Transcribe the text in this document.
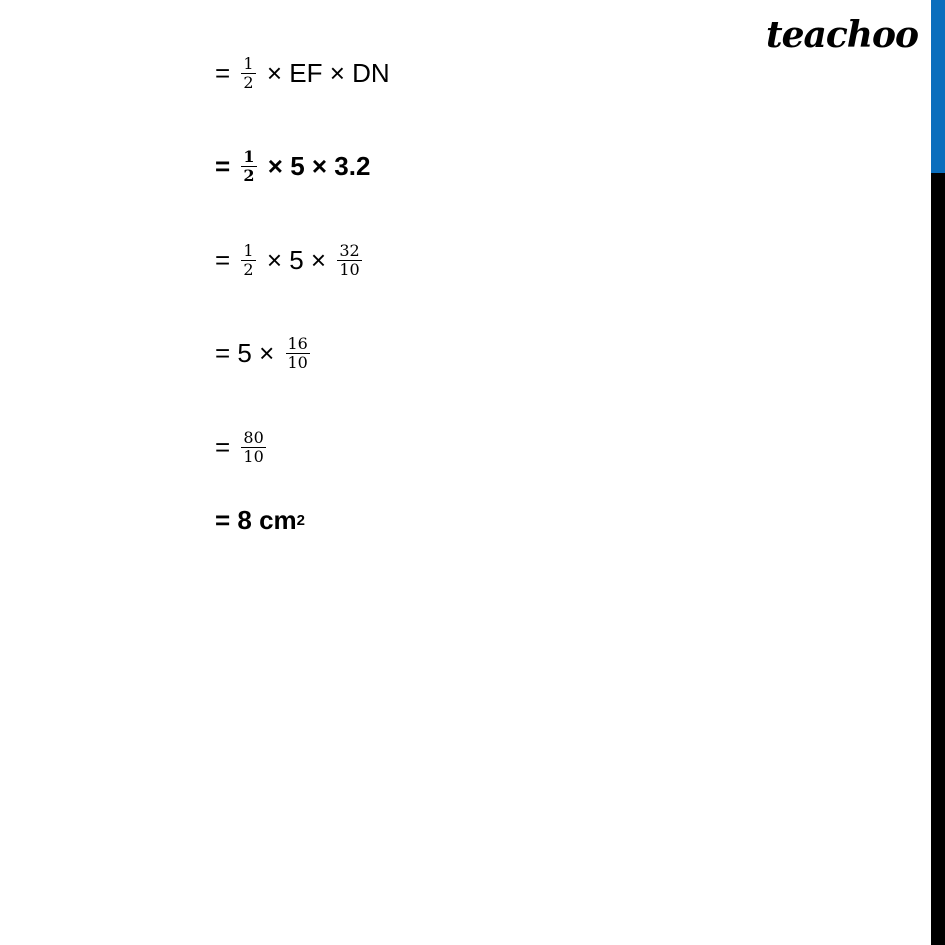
teachoo
= $\frac{1}{2}$ × EF × DN
= $\frac{1}{2} \times 5 \times 3.2$
= $\frac{1}{2} \times 5 \times \frac{32}{10}$
= $5 \times \frac{16}{10}$
= $\frac{80}{10}$
= 8 cm 2
